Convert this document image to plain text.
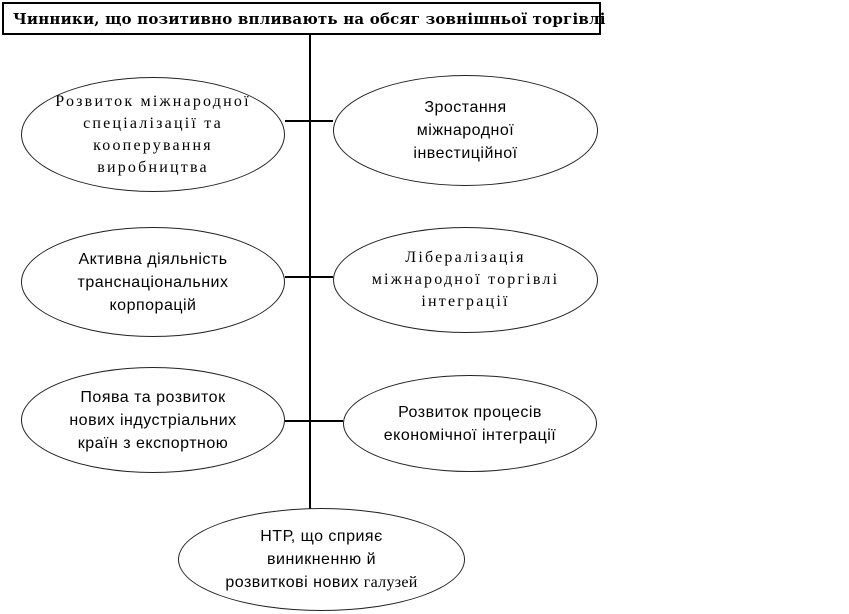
Чинники, що позитивно впливають на обсяг зовнішньої торгівлі
Розвиток міжнародної
спеціалізації та
кооперування
виробництва
Зростання
міжнародної
інвестиційної
Активна діяльність
транснаціональних
корпорацій
Лібералізація
міжнародної торгівлі
інтеграції
Поява та розвиток
нових індустріальних
країн з експортною
Розвиток процесів
економічної інтеграції
НТР, що сприяє
виникненню й
розвиткові нових галузей
